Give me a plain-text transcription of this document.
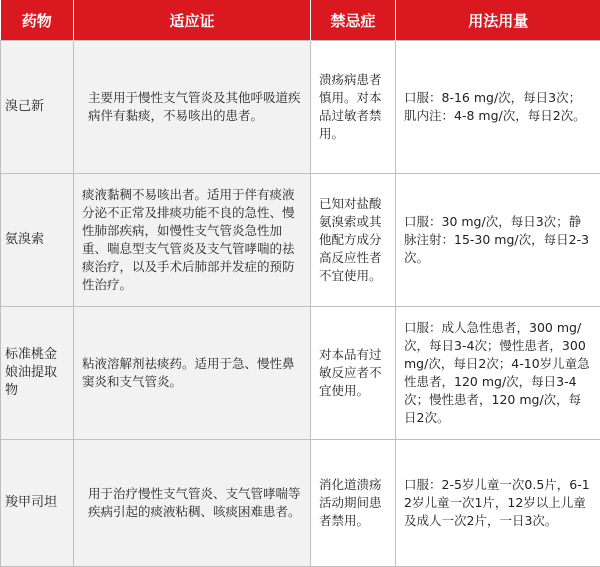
药物	适应证	禁忌症	用法用量
溴己新	主要用于慢性支气管炎及其他呼吸道疾病伴有黏痰，不易咳出的患者。	溃疡病患者慎用。对本品过敏者禁用。	口服：8-16 mg/次，每日3次；肌内注：4-8 mg/次，每日2次。
氨溴索	痰液黏稠不易咳出者。适用于伴有痰液分泌不正常及排痰功能不良的急性、慢性肺部疾病，如慢性支气管炎急性加重、喘息型支气管炎及支气管哮喘的祛痰治疗，以及手术后肺部并发症的预防性治疗。	已知对盐酸氨溴索或其他配方成分高反应性者不宜使用。	口服：30 mg/次，每日3次；静脉注射：15-30 mg/次，每日2-3次。
标准桃金娘油提取物	粘液溶解剂祛痰药。适用于急、慢性鼻窦炎和支气管炎。	对本品有过敏反应者不宜使用。	口服：成人急性患者，300 mg/次，每日3-4次；慢性患者，300 mg/次，每日2次；4-10岁儿童急性患者，120 mg/次，每日3-4次；慢性患者，120 mg/次，每日2次。
羧甲司坦	用于治疗慢性支气管炎、支气管哮喘等疾病引起的痰液粘稠、咳痰困难患者。	消化道溃疡活动期间患者禁用。	口服：2-5岁儿童一次0.5片，6-12岁儿童一次1片，12岁以上儿童及成人一次2片，一日3次。
